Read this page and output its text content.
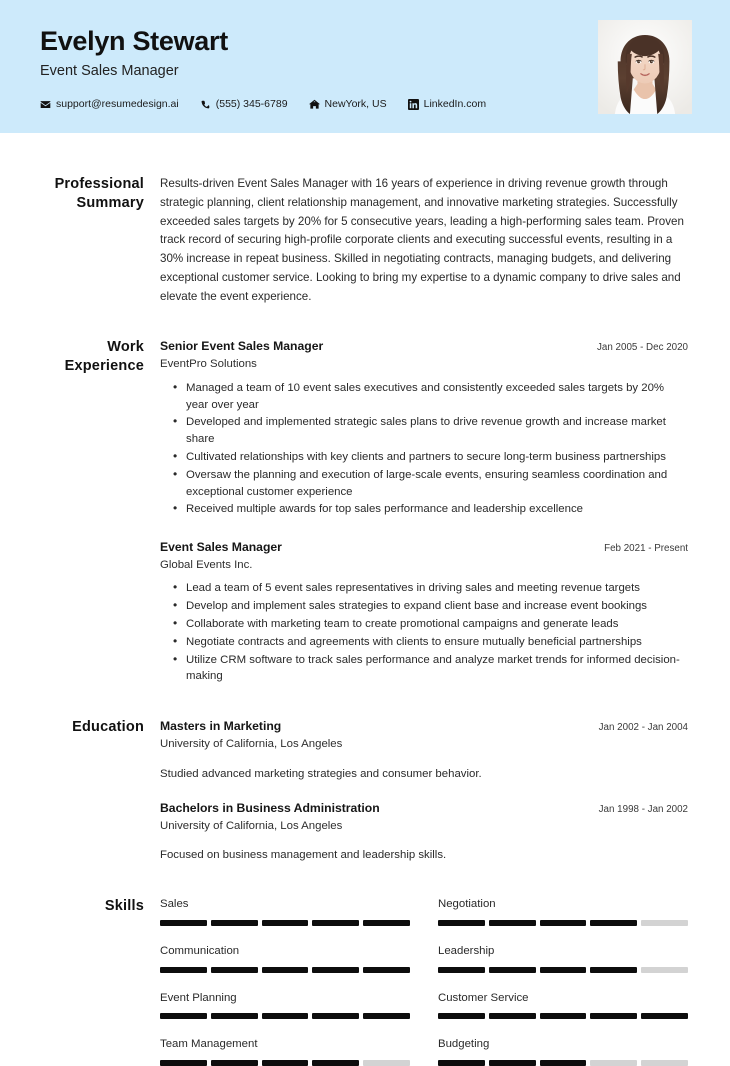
Evelyn Stewart
Event Sales Manager
support@resumedesign.ai	(555) 345-6789	NewYork, US	LinkedIn.com
Professional Summary
Results-driven Event Sales Manager with 16 years of experience in driving revenue growth through strategic planning, client relationship management, and innovative marketing strategies. Successfully exceeded sales targets by 20% for 5 consecutive years, leading a high-performing sales team. Proven track record of securing high-profile corporate clients and executing successful events, resulting in a 30% increase in repeat business. Skilled in negotiating contracts, managing budgets, and delivering exceptional customer service. Looking to bring my expertise to a dynamic company to drive sales and elevate the event experience.
Work Experience
Senior Event Sales Manager	Jan 2005 - Dec 2020
EventPro Solutions
• Managed a team of 10 event sales executives and consistently exceeded sales targets by 20% year over year
• Developed and implemented strategic sales plans to drive revenue growth and increase market share
• Cultivated relationships with key clients and partners to secure long-term business partnerships
• Oversaw the planning and execution of large-scale events, ensuring seamless coordination and exceptional customer experience
• Received multiple awards for top sales performance and leadership excellence
Event Sales Manager	Feb 2021 - Present
Global Events Inc.
• Lead a team of 5 event sales representatives in driving sales and meeting revenue targets
• Develop and implement sales strategies to expand client base and increase event bookings
• Collaborate with marketing team to create promotional campaigns and generate leads
• Negotiate contracts and agreements with clients to ensure mutually beneficial partnerships
• Utilize CRM software to track sales performance and analyze market trends for informed decision-making
Education	Masters in Marketing	Jan 2002 - Jan 2004
University of California, Los Angeles
Studied advanced marketing strategies and consumer behavior.
Bachelors in Business Administration	Jan 1998 - Jan 2002
University of California, Los Angeles
Focused on business management and leadership skills.
Skills	Sales	Negotiation
Communication	Leadership
Event Planning	Customer Service
Team Management	Budgeting
